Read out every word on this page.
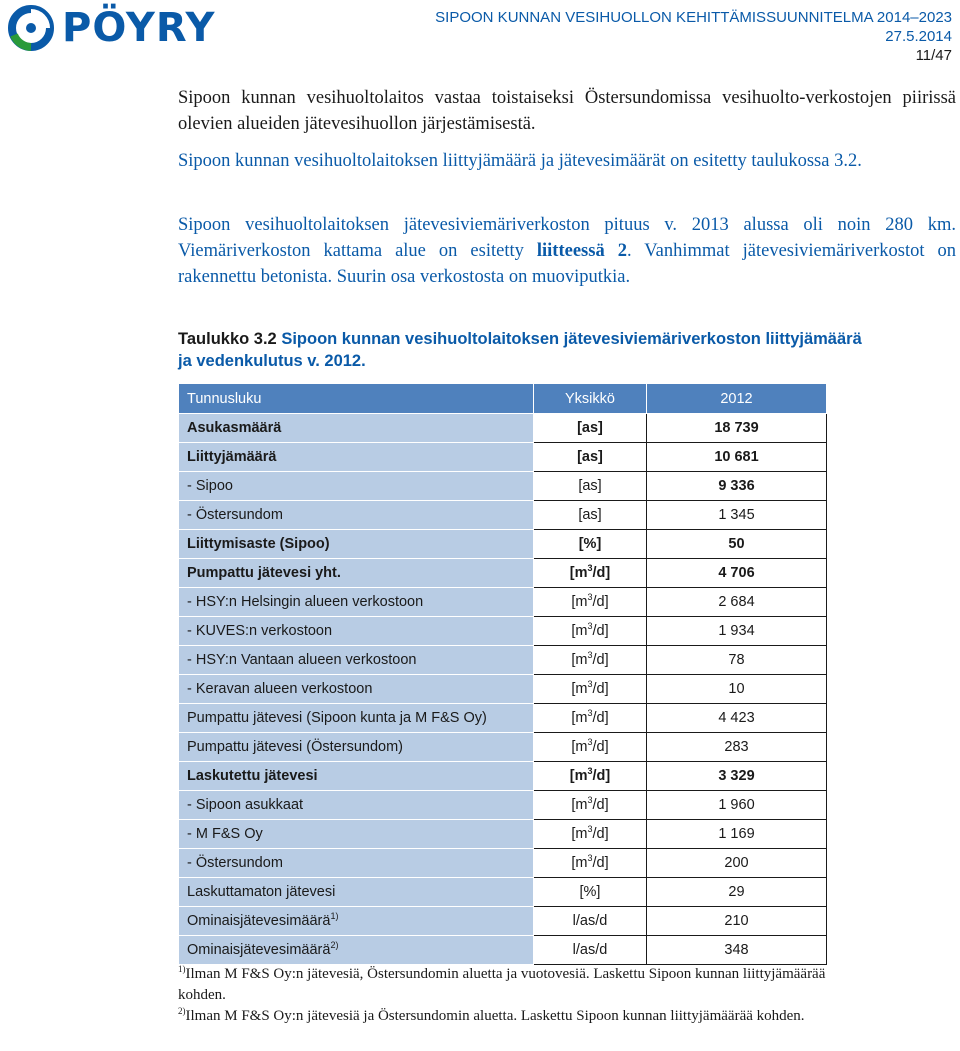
PÖYRY	SIPOON KUNNAN VESIHUOLLON KEHITTÄMISSUUNNITELMA 2014–2023
27.5.2014
11/47

Sipoon kunnan vesihuoltolaitos vastaa toistaiseksi Östersundomissa vesihuolto-verkostojen piirissä olevien alueiden jätevesihuollon järjestämisestä.

Sipoon kunnan vesihuoltolaitoksen liittyjämäärä ja jätevesimäärät on esitetty taulukossa 3.2.

Sipoon vesihuoltolaitoksen jätevesiviemäriverkoston pituus v. 2013 alussa oli noin 280 km. Viemäriverkoston kattama alue on esitetty liitteessä 2. Vanhimmat jätevesiviemäriverkostot on rakennettu betonista. Suurin osa verkostosta on muoviputkia.

Taulukko 3.2 Sipoon kunnan vesihuoltolaitoksen jätevesiviemäriverkoston liittyjämäärä ja vedenkulutus v. 2012.
Tunnusluku	Yksikkö	2012
Asukasmäärä	[as]	18 739
Liittyjämäärä	[as]	10 681
- Sipoo	[as]	9 336
- Östersundom	[as]	1 345
Liittymisaste (Sipoo)	[%]	50
Pumpattu jätevesi yht.	$[m^3/d]$	4 706
- HSY:n Helsingin alueen verkostoon	$[m^3/d]$	2 684
- KUVES:n verkostoon	$[m^3/d]$	1 934
- HSY:n Vantaan alueen verkostoon	$[m^3/d]$	78
- Keravan alueen verkostoon	$[m^3/d]$	10
Pumpattu jätevesi (Sipoon kunta ja M F&S Oy)	$[m^3/d]$	4 423
Pumpattu jätevesi (Östersundom)	$[m^3/d]$	283
Laskutettu jätevesi	$[m^3/d]$	3 329
- Sipoon asukkaat	$[m^3/d]$	1 960
- M F&S Oy	$[m^3/d]$	1 169
- Östersundom	$[m^3/d]$	200
Laskuttamaton jätevesi	[%]	29
Ominaisjätevesimäärä$^{1)}$	l/as/d	210
Ominaisjätevesimäärä$^{2)}$	l/as/d	348

$^{1)}$Ilman M F&S Oy:n jätevesiä, Östersundomin aluetta ja vuotovesiä. Laskettu Sipoon kunnan liittyjämäärää kohden.

$^{2)}$Ilman M F&S Oy:n jätevesiä ja Östersundomin aluetta. Laskettu Sipoon kunnan liittyjämäärää kohden.
